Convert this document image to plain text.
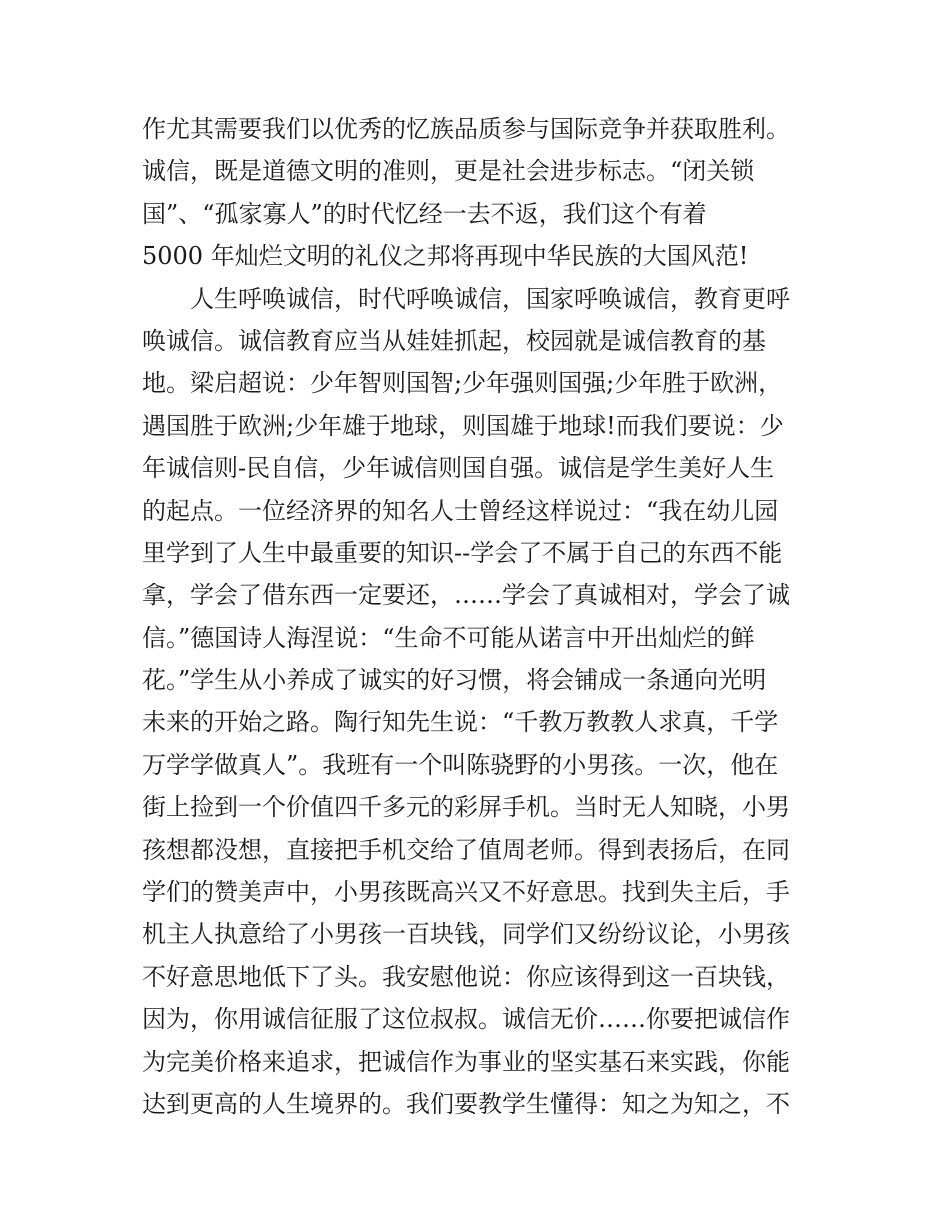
作尤其需要我们以优秀的忆族品质参与国际竞争并获取胜利。
诚信，既是道德文明的准则，更是社会进步标志。“闭关锁
国”、“孤家寡人”的时代忆经一去不返，我们这个有着
5000 年灿烂文明的礼仪之邦将再现中华民族的大国风范!
人生呼唤诚信，时代呼唤诚信，国家呼唤诚信，教育更呼
唤诚信。诚信教育应当从娃娃抓起，校园就是诚信教育的基
地。梁启超说：少年智则国智;少年强则国强;少年胜于欧洲，
遇国胜于欧洲;少年雄于地球，则国雄于地球!而我们要说：少
年诚信则-民自信，少年诚信则国自强。诚信是学生美好人生
的起点。一位经济界的知名人士曾经这样说过：“我在幼儿园
里学到了人生中最重要的知识--学会了不属于自己的东西不能
拿，学会了借东西一定要还，……学会了真诚相对，学会了诚
信。”德国诗人海涅说：“生命不可能从诺言中开出灿烂的鲜
花。”学生从小养成了诚实的好习惯，将会铺成一条通向光明
未来的开始之路。陶行知先生说：“千教万教教人求真，千学
万学学做真人”。我班有一个叫陈骁野的小男孩。一次，他在
街上捡到一个价值四千多元的彩屏手机。当时无人知晓，小男
孩想都没想，直接把手机交给了值周老师。得到表扬后，在同
学们的赞美声中，小男孩既高兴又不好意思。找到失主后，手
机主人执意给了小男孩一百块钱，同学们又纷纷议论，小男孩
不好意思地低下了头。我安慰他说：你应该得到这一百块钱，
因为，你用诚信征服了这位叔叔。诚信无价……你要把诚信作
为完美价格来追求，把诚信作为事业的坚实基石来实践，你能
达到更高的人生境界的。我们要教学生懂得：知之为知之，不
